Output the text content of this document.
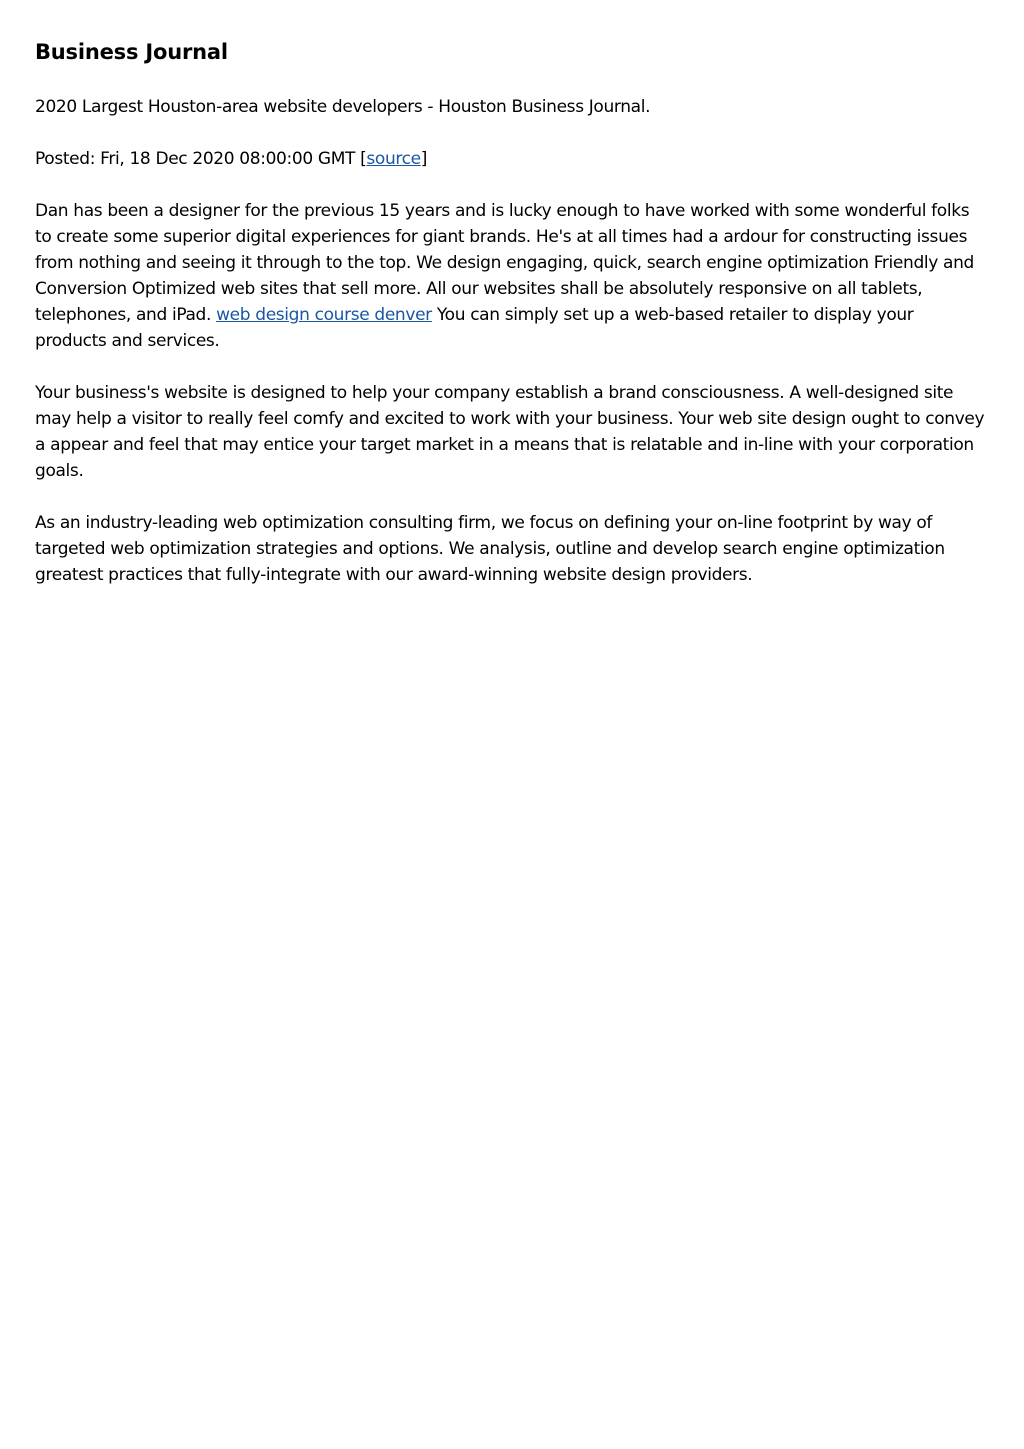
Business Journal

2020 Largest Houston-area website developers - Houston Business Journal.

Posted: Fri, 18 Dec 2020 08:00:00 GMT [source]

Dan has been a designer for the previous 15 years and is lucky enough to have worked with some wonderful folks to create some superior digital experiences for giant brands. He's at all times had a ardour for constructing issues from nothing and seeing it through to the top. We design engaging, quick, search engine optimization Friendly and Conversion Optimized web sites that sell more. All our websites shall be absolutely responsive on all tablets, telephones, and iPad. web design course denver You can simply set up a web-based retailer to display your products and services.

Your business's website is designed to help your company establish a brand consciousness. A well-designed site may help a visitor to really feel comfy and excited to work with your business. Your web site design ought to convey a appear and feel that may entice your target market in a means that is relatable and in-line with your corporation goals.

As an industry-leading web optimization consulting firm, we focus on defining your on-line footprint by way of targeted web optimization strategies and options. We analysis, outline and develop search engine optimization greatest practices that fully-integrate with our award-winning website design providers.
